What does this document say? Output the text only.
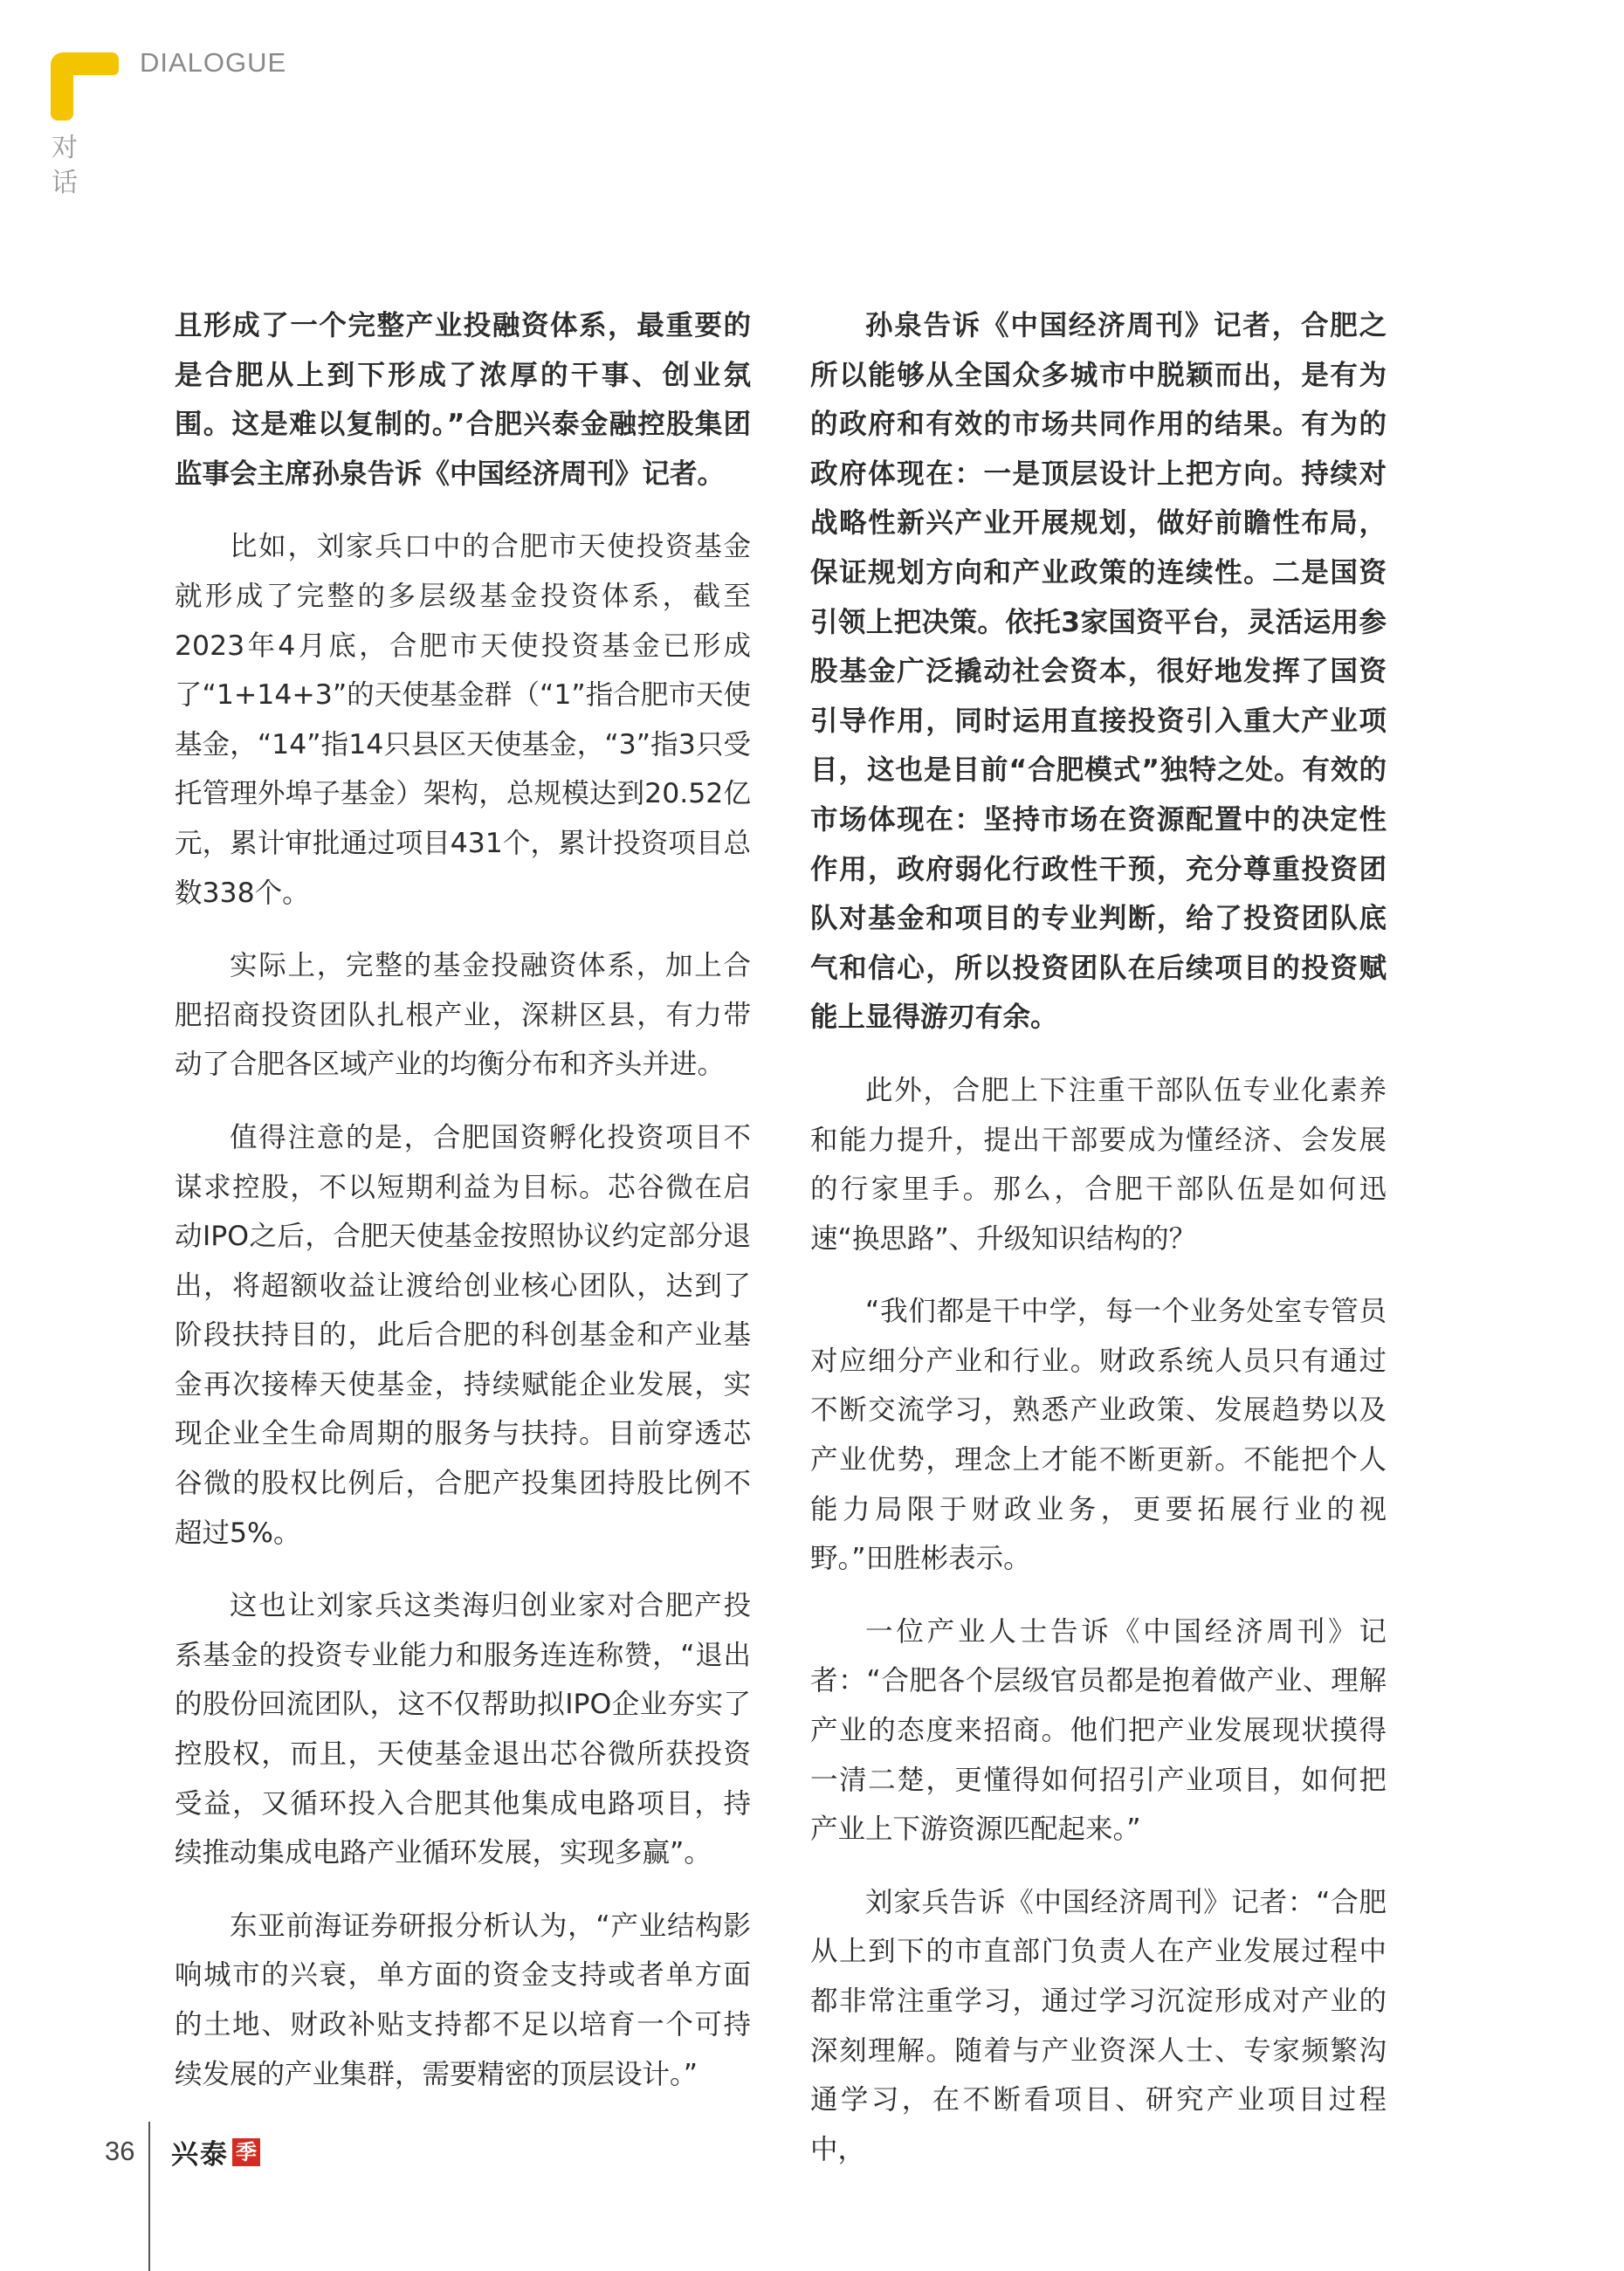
DIALOGUE
对话

且形成了一个完整产业投融资体系，最重要的是合肥从上到下形成了浓厚的干事、创业氛围。这是难以复制的。”合肥兴泰金融控股集团监事会主席孙泉告诉《中国经济周刊》记者。

比如，刘家兵口中的合肥市天使投资基金就形成了完整的多层级基金投资体系，截至2023年4月底，合肥市天使投资基金已形成了“1+14+3”的天使基金群（“1”指合肥市天使基金，“14”指14只县区天使基金，“3”指3只受托管理外埠子基金）架构，总规模达到20.52亿元，累计审批通过项目431个，累计投资项目总数338个。

实际上，完整的基金投融资体系，加上合肥招商投资团队扎根产业，深耕区县，有力带动了合肥各区域产业的均衡分布和齐头并进。

值得注意的是，合肥国资孵化投资项目不谋求控股，不以短期利益为目标。芯谷微在启动IPO之后，合肥天使基金按照协议约定部分退出，将超额收益让渡给创业核心团队，达到了阶段扶持目的，此后合肥的科创基金和产业基金再次接棒天使基金，持续赋能企业发展，实现企业全生命周期的服务与扶持。目前穿透芯谷微的股权比例后，合肥产投集团持股比例不超过5%。

这也让刘家兵这类海归创业家对合肥产投系基金的投资专业能力和服务连连称赞，“退出的股份回流团队，这不仅帮助拟IPO企业夯实了控股权，而且，天使基金退出芯谷微所获投资受益，又循环投入合肥其他集成电路项目，持续推动集成电路产业循环发展，实现多赢”。

东亚前海证券研报分析认为，“产业结构影响城市的兴衰，单方面的资金支持或者单方面的土地、财政补贴支持都不足以培育一个可持续发展的产业集群，需要精密的顶层设计。”

孙泉告诉《中国经济周刊》记者，合肥之所以能够从全国众多城市中脱颖而出，是有为的政府和有效的市场共同作用的结果。有为的政府体现在：一是顶层设计上把方向。持续对战略性新兴产业开展规划，做好前瞻性布局，保证规划方向和产业政策的连续性。二是国资引领上把决策。依托3家国资平台，灵活运用参股基金广泛撬动社会资本，很好地发挥了国资引导作用，同时运用直接投资引入重大产业项目，这也是目前“合肥模式”独特之处。有效的市场体现在：坚持市场在资源配置中的决定性作用，政府弱化行政性干预，充分尊重投资团队对基金和项目的专业判断，给了投资团队底气和信心，所以投资团队在后续项目的投资赋能上显得游刃有余。

此外，合肥上下注重干部队伍专业化素养和能力提升，提出干部要成为懂经济、会发展的行家里手。那么，合肥干部队伍是如何迅速“换思路”、升级知识结构的？

“我们都是干中学，每一个业务处室专管员对应细分产业和行业。财政系统人员只有通过不断交流学习，熟悉产业政策、发展趋势以及产业优势，理念上才能不断更新。不能把个人能力局限于财政业务，更要拓展行业的视野。”田胜彬表示。

一位产业人士告诉《中国经济周刊》记者：“合肥各个层级官员都是抱着做产业、理解产业的态度来招商。他们把产业发展现状摸得一清二楚，更懂得如何招引产业项目，如何把产业上下游资源匹配起来。”

刘家兵告诉《中国经济周刊》记者：“合肥从上到下的市直部门负责人在产业发展过程中都非常注重学习，通过学习沉淀形成对产业的深刻理解。随着与产业资深人士、专家频繁沟通学习，在不断看项目、研究产业项目过程中，

36 兴泰 季
